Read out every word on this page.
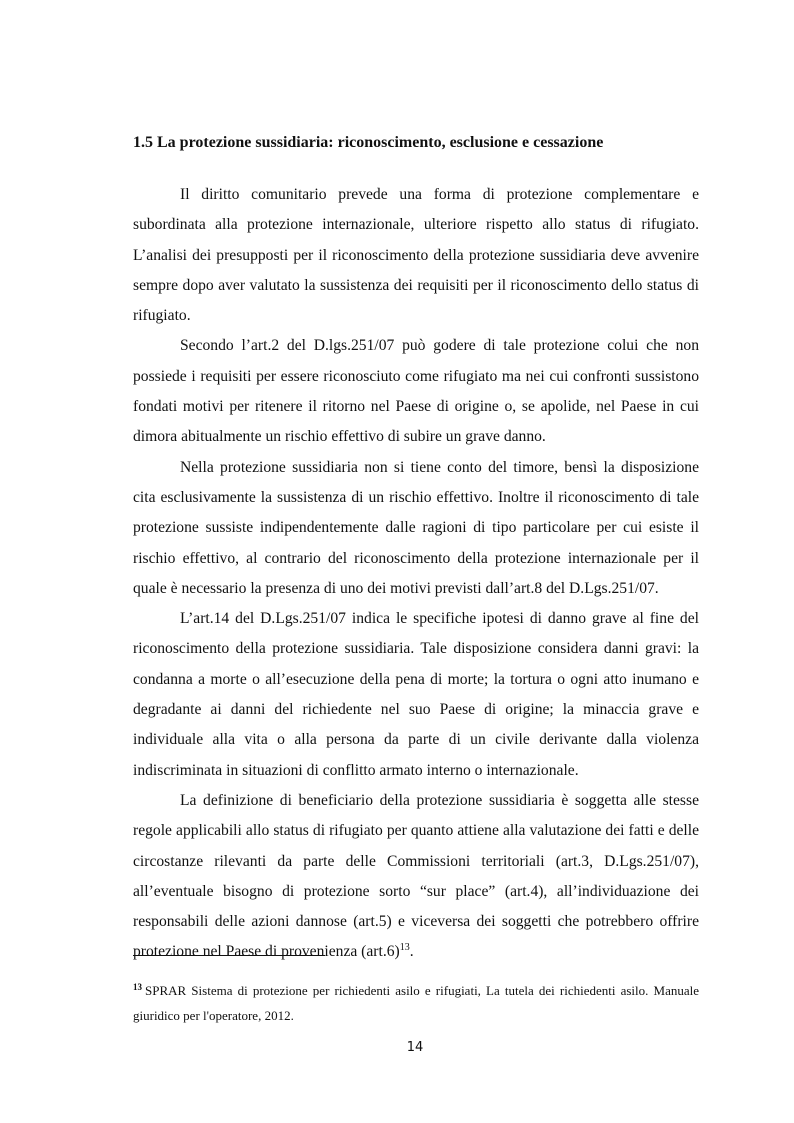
1.5 La protezione sussidiaria: riconoscimento, esclusione e cessazione

Il diritto comunitario prevede una forma di protezione complementare e subordinata alla protezione internazionale, ulteriore rispetto allo status di rifugiato. L’analisi dei presupposti per il riconoscimento della protezione sussidiaria deve avvenire sempre dopo aver valutato la sussistenza dei requisiti per il riconoscimento dello status di rifugiato.

Secondo l’art.2 del D.lgs.251/07 può godere di tale protezione colui che non possiede i requisiti per essere riconosciuto come rifugiato ma nei cui confronti sussistono fondati motivi per ritenere il ritorno nel Paese di origine o, se apolide, nel Paese in cui dimora abitualmente un rischio effettivo di subire un grave danno.

Nella protezione sussidiaria non si tiene conto del timore, bensì la disposizione cita esclusivamente la sussistenza di un rischio effettivo. Inoltre il riconoscimento di tale protezione sussiste indipendentemente dalle ragioni di tipo particolare per cui esiste il rischio effettivo, al contrario del riconoscimento della protezione internazionale per il quale è necessario la presenza di uno dei motivi previsti dall’art.8 del D.Lgs.251/07.

L’art.14 del D.Lgs.251/07 indica le specifiche ipotesi di danno grave al fine del riconoscimento della protezione sussidiaria. Tale disposizione considera danni gravi: la condanna a morte o all’esecuzione della pena di morte; la tortura o ogni atto inumano e degradante ai danni del richiedente nel suo Paese di origine; la minaccia grave e individuale alla vita o alla persona da parte di un civile derivante dalla violenza indiscriminata in situazioni di conflitto armato interno o internazionale.

La definizione di beneficiario della protezione sussidiaria è soggetta alle stesse regole applicabili allo status di rifugiato per quanto attiene alla valutazione dei fatti e delle circostanze rilevanti da parte delle Commissioni territoriali (art.3, D.Lgs.251/07), all’eventuale bisogno di protezione sorto “sur place” (art.4), all’individuazione dei responsabili delle azioni dannose (art.5) e viceversa dei soggetti che potrebbero offrire protezione nel Paese di provenienza $(art.6)^{13}$.

$^{13}$ SPRAR Sistema di protezione per richiedenti asilo e rifugiati, La tutela dei richiedenti asilo. Manuale giuridico per l'operatore, 2012.

14
